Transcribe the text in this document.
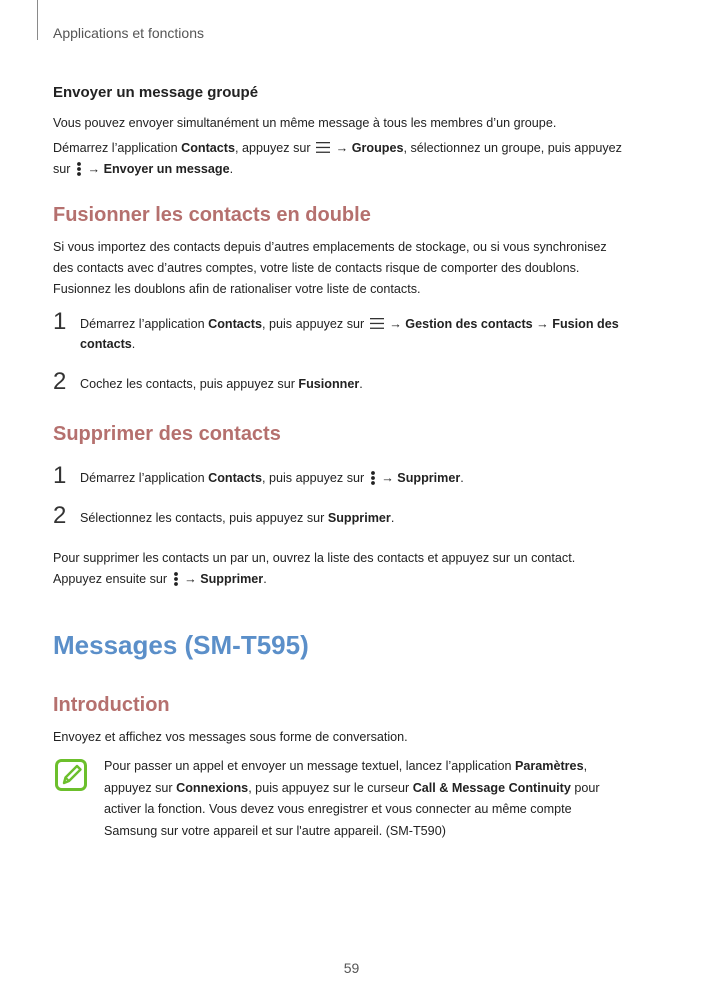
Applications et fonctions
Envoyer un message groupé
Vous pouvez envoyer simultanément un même message à tous les membres d’un groupe.
Démarrez l’application Contacts, appuyez sur  → Groupes, sélectionnez un groupe, puis appuyez
sur  → Envoyer un message.
Fusionner les contacts en double
Si vous importez des contacts depuis d’autres emplacements de stockage, ou si vous synchronisez
des contacts avec d’autres comptes, votre liste de contacts risque de comporter des doublons.
Fusionnez les doublons afin de rationaliser votre liste de contacts.
1 Démarrez l’application Contacts, puis appuyez sur  → Gestion des contacts → Fusion des
contacts.
2 Cochez les contacts, puis appuyez sur Fusionner.
Supprimer des contacts
1 Démarrez l’application Contacts, puis appuyez sur  → Supprimer.
2 Sélectionnez les contacts, puis appuyez sur Supprimer.
Pour supprimer les contacts un par un, ouvrez la liste des contacts et appuyez sur un contact.
Appuyez ensuite sur  → Supprimer.
Messages (SM-T595)
Introduction
Envoyez et affichez vos messages sous forme de conversation.
Pour passer un appel et envoyer un message textuel, lancez l’application Paramètres,
appuyez sur Connexions, puis appuyez sur le curseur Call & Message Continuity pour
activer la fonction. Vous devez vous enregistrer et vous connecter au même compte
Samsung sur votre appareil et sur l'autre appareil. (SM-T590)
59
